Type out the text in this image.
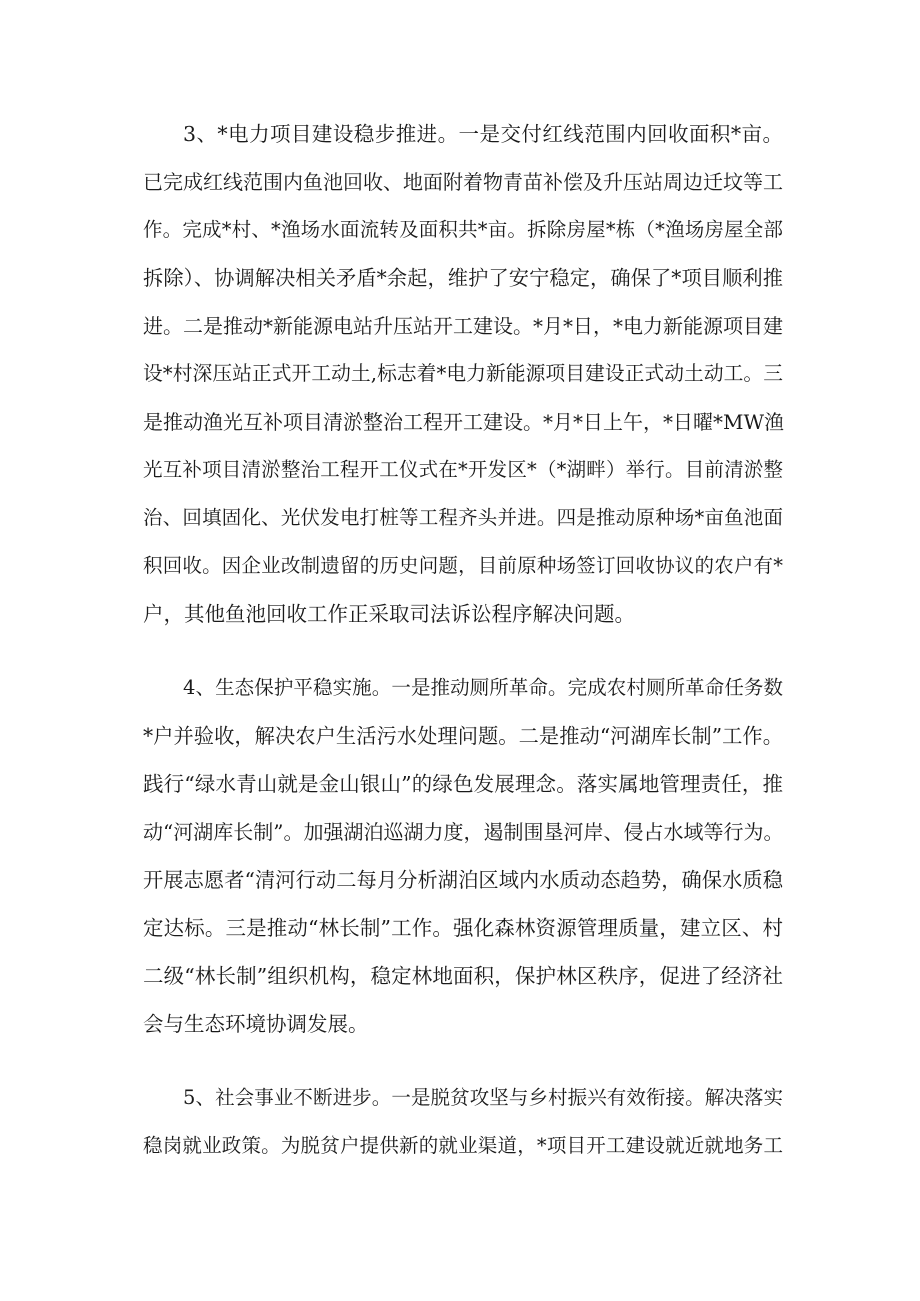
3、*电力项目建设稳步推进。一是交付红线范围内回收面积*亩。
已完成红线范围内鱼池回收、地面附着物青苗补偿及升压站周边迁坟等工
作。完成*村、*渔场水面流转及面积共*亩。拆除房屋*栋（*渔场房屋全部
拆除）、协调解决相关矛盾*余起，维护了安宁稳定，确保了*项目顺利推
进。二是推动*新能源电站升压站开工建设。*月*日，*电力新能源项目建
设*村深压站正式开工动土,标志着*电力新能源项目建设正式动土动工。三
是推动渔光互补项目清淤整治工程开工建设。*月*日上午，*日曜*MW渔
光互补项目清淤整治工程开工仪式在*开发区*（*湖畔）举行。目前清淤整
治、回填固化、光伏发电打桩等工程齐头并进。四是推动原种场*亩鱼池面
积回收。因企业改制遗留的历史问题，目前原种场签订回收协议的农户有*
户，其他鱼池回收工作正采取司法诉讼程序解决问题。
4、生态保护平稳实施。一是推动厕所革命。完成农村厕所革命任务数
*户并验收，解决农户生活污水处理问题。二是推动“河湖库长制”工作。
践行“绿水青山就是金山银山”的绿色发展理念。落实属地管理责任，推
动“河湖库长制”。加强湖泊巡湖力度，遏制围垦河岸、侵占水域等行为。
开展志愿者“清河行动二每月分析湖泊区域内水质动态趋势，确保水质稳
定达标。三是推动“林长制”工作。强化森林资源管理质量，建立区、村
二级“林长制”组织机构，稳定林地面积，保护林区秩序，促进了经济社
会与生态环境协调发展。
5、社会事业不断进步。一是脱贫攻坚与乡村振兴有效衔接。解决落实
稳岗就业政策。为脱贫户提供新的就业渠道，*项目开工建设就近就地务工
